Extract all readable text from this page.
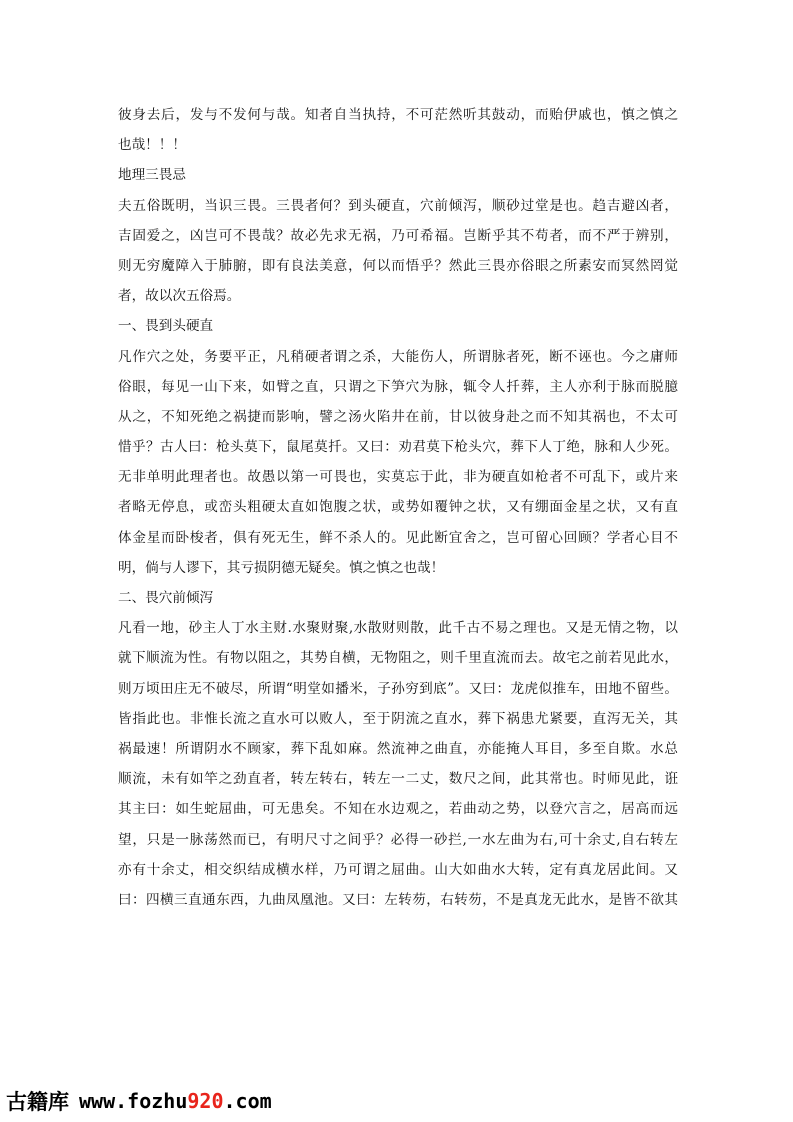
彼身去后，发与不发何与哉。知者自当执持，不可茫然听其鼓动，而贻伊戚也，慎之慎之
也哉！！！
地理三畏忌
夫五俗既明，当识三畏。三畏者何？到头硬直，穴前倾泻，顺砂过堂是也。趋吉避凶者，
吉固爱之，凶岂可不畏哉？故必先求无祸，乃可希福。岂断乎其不苟者，而不严于辨别，
则无穷魔障入于肺腑，即有良法美意，何以而悟乎？然此三畏亦俗眼之所素安而冥然罔觉
者，故以次五俗焉。
一、畏到头硬直
凡作穴之处，务要平正，凡稍硬者谓之杀，大能伤人，所谓脉者死，断不诬也。今之庸师
俗眼，每见一山下来，如臂之直，只谓之下笋穴为脉，辄令人扦葬，主人亦利于脉而脱臆
从之，不知死绝之祸捷而影响，譬之汤火陷井在前，甘以彼身赴之而不知其祸也，不太可
惜乎？古人曰：枪头莫下，鼠尾莫扦。又曰：劝君莫下枪头穴，葬下人丁绝，脉和人少死。
无非单明此理者也。故愚以第一可畏也，实莫忘于此，非为硬直如枪者不可乱下，或片来
者略无停息，或峦头粗硬太直如饱腹之状，或势如覆钟之状，又有绷面金星之状，又有直
体金星而卧梭者，俱有死无生，鲜不杀人的。见此断宜舍之，岂可留心回顾？学者心目不
明，倘与人谬下，其亏损阴德无疑矣。慎之慎之也哉！
二、畏穴前倾泻
凡看一地，砂主人丁水主财.水聚财聚,水散财则散，此千古不易之理也。又是无情之物，以
就下顺流为性。有物以阻之，其势自横，无物阻之，则千里直流而去。故宅之前若见此水，
则万顷田庄无不破尽，所谓“明堂如播米，子孙穷到底”。又曰：龙虎似推车，田地不留些。
皆指此也。非惟长流之直水可以败人，至于阴流之直水，葬下祸患尤紧要，直泻无关，其
祸最速！所谓阴水不顾家，葬下乱如麻。然流神之曲直，亦能掩人耳目，多至自欺。水总
顺流，未有如竿之劲直者，转左转右，转左一二丈，数尺之间，此其常也。时师见此，诳
其主曰：如生蛇屈曲，可无患矣。不知在水边观之，若曲动之势，以登穴言之，居高而远
望，只是一脉荡然而已，有明尺寸之间乎？必得一砂拦,一水左曲为右,可十余丈,自右转左
亦有十余丈，相交织结成横水样，乃可谓之屈曲。山大如曲水大转，定有真龙居此间。又
曰：四横三直通东西，九曲凤凰池。又曰：左转芴，右转芴，不是真龙无此水，是皆不欲其
古籍库 www. fozhu 920 .com
